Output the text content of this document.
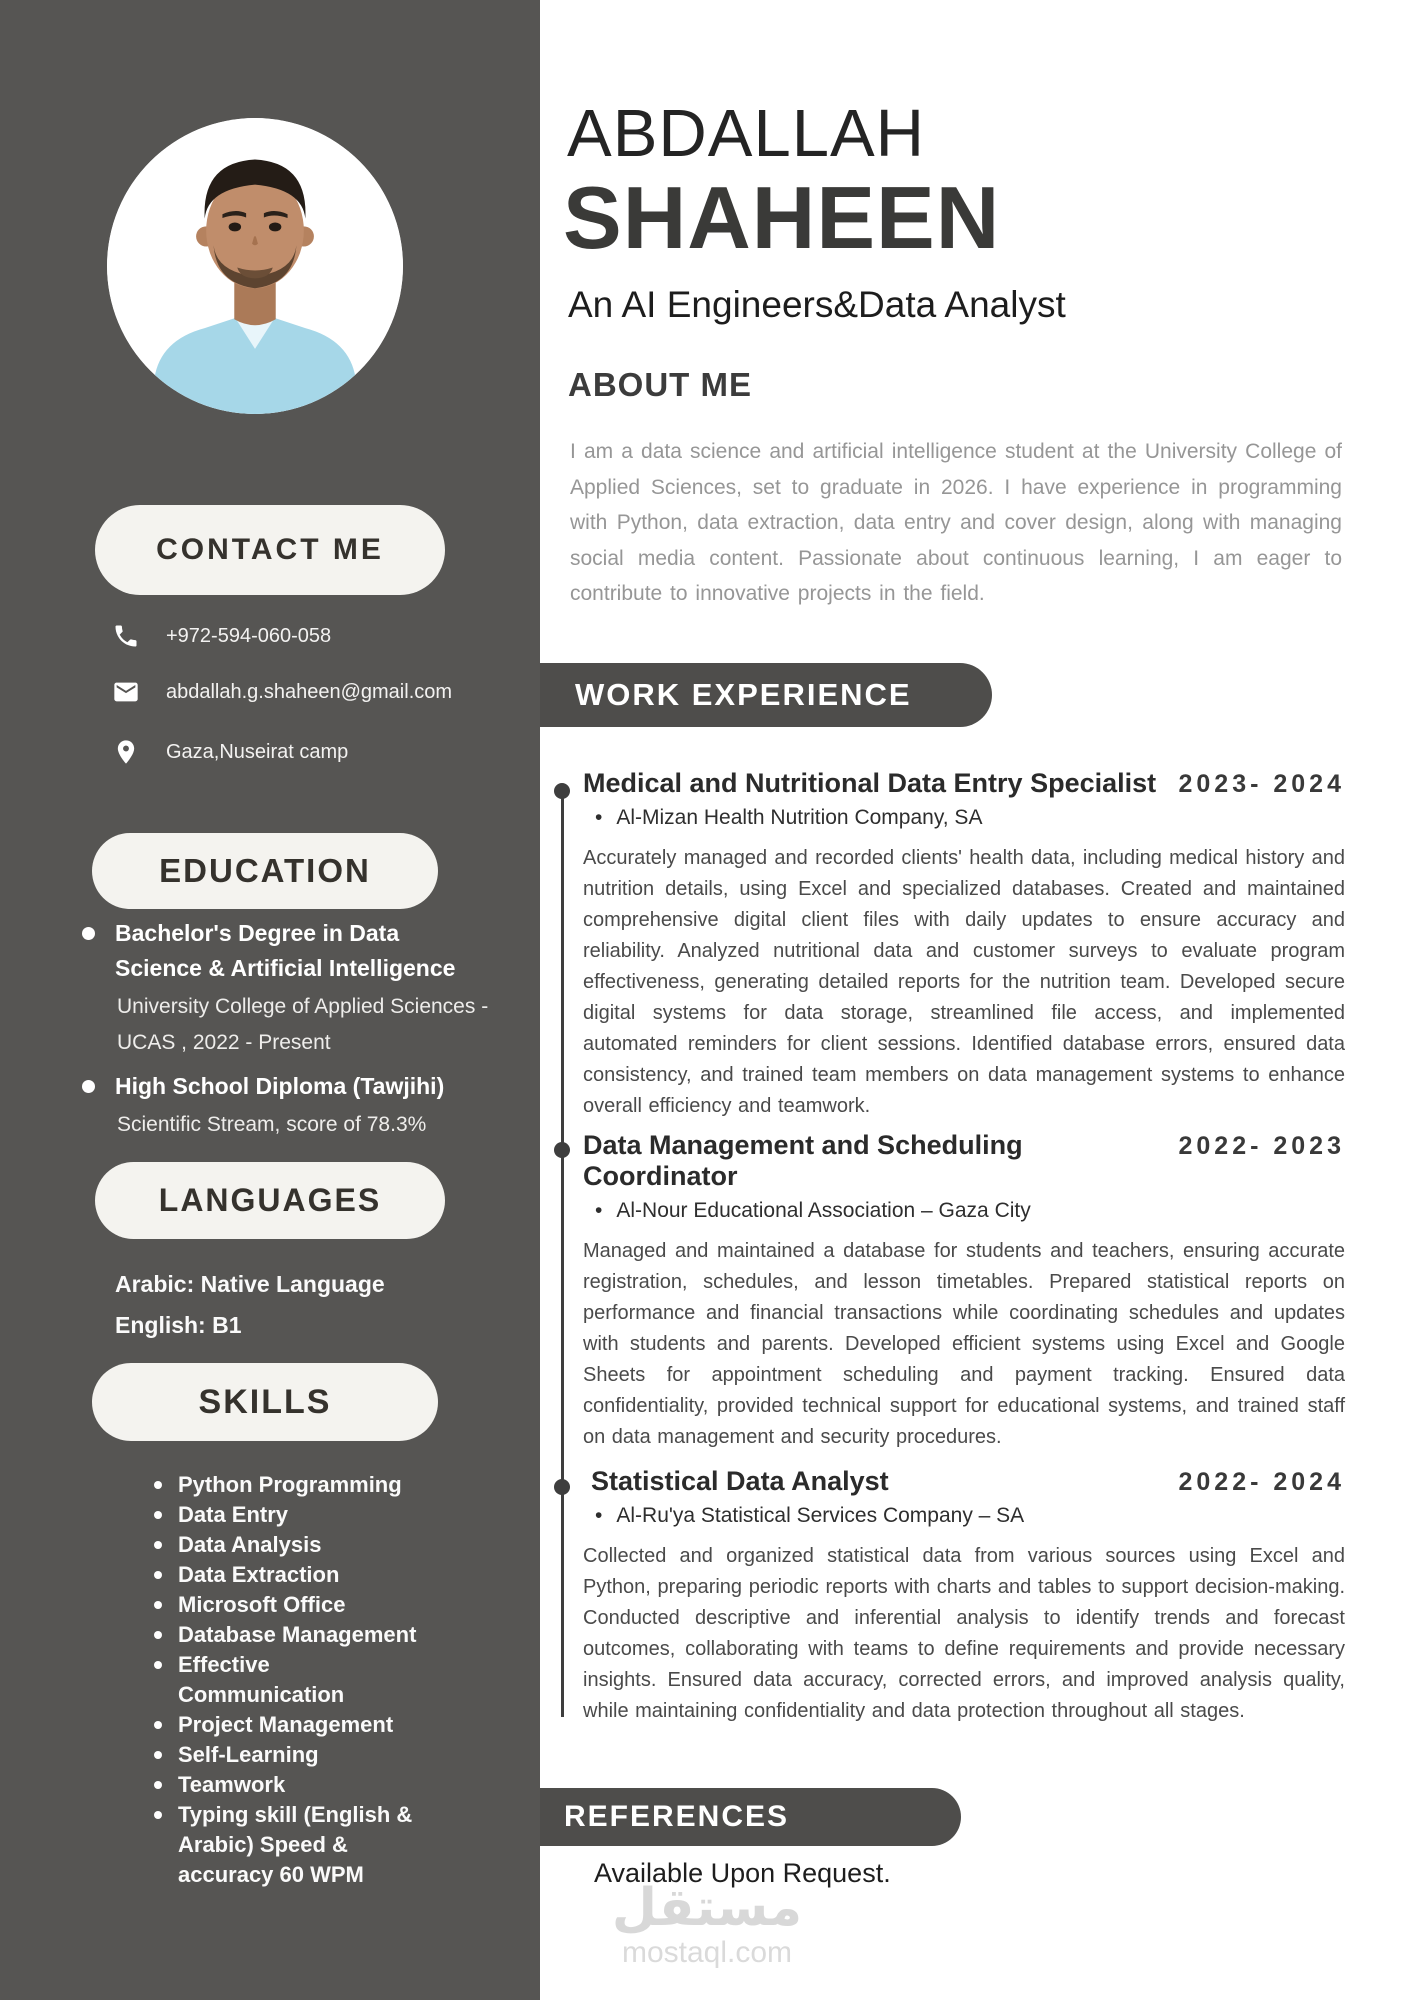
CONTACT ME
+972-594-060-058
abdallah.g.shaheen@gmail.com
Gaza,Nuseirat camp
EDUCATION
Bachelor's Degree in Data Science & Artificial Intelligence
University College of Applied Sciences - UCAS , 2022 - Present
High School Diploma (Tawjihi)
Scientific Stream, score of 78.3%
LANGUAGES
Arabic: Native Language
English: B1
SKILLS
Python Programming
Data Entry
Data Analysis
Data Extraction
Microsoft Office
Database Management
Effective Communication
Project Management
Self-Learning
Teamwork
Typing skill (English & Arabic) Speed & accuracy 60 WPM
ABDALLAH
SHAHEEN
An AI Engineers&Data Analyst
ABOUT ME

I am a data science and artificial intelligence student at the University College of Applied Sciences, set to graduate in 2026. I have experience in programming with Python, data extraction, data entry and cover design, along with managing social media content. Passionate about continuous learning, I am eager to contribute to innovative projects in the field.

WORK EXPERIENCE
Medical and Nutritional Data Entry Specialist 2023- 2024
• Al-Mizan Health Nutrition Company, SA

Accurately managed and recorded clients' health data, including medical history and nutrition details, using Excel and specialized databases. Created and maintained comprehensive digital client files with daily updates to ensure accuracy and reliability. Analyzed nutritional data and customer surveys to evaluate program effectiveness, generating detailed reports for the nutrition team. Developed secure digital systems for data storage, streamlined file access, and implemented automated reminders for client sessions. Identified database errors, ensured data consistency, and trained team members on data management systems to enhance overall efficiency and teamwork.

Data Management and Scheduling Coordinator
2022- 2023
• Al-Nour Educational Association – Gaza City

Managed and maintained a database for students and teachers, ensuring accurate registration, schedules, and lesson timetables. Prepared statistical reports on performance and financial transactions while coordinating schedules and updates with students and parents. Developed efficient systems using Excel and Google Sheets for appointment scheduling and payment tracking. Ensured data confidentiality, provided technical support for educational systems, and trained staff on data management and security procedures.

Statistical Data Analyst	2022- 2024
• Al-Ru'ya Statistical Services Company – SA

Collected and organized statistical data from various sources using Excel and Python, preparing periodic reports with charts and tables to support decision-making. Conducted descriptive and inferential analysis to identify trends and forecast outcomes, collaborating with teams to define requirements and provide necessary insights. Ensured data accuracy, corrected errors, and improved analysis quality, while maintaining confidentiality and data protection throughout all stages.

REFERENCES
Available Upon Request.
مستقل
mostaql.com
